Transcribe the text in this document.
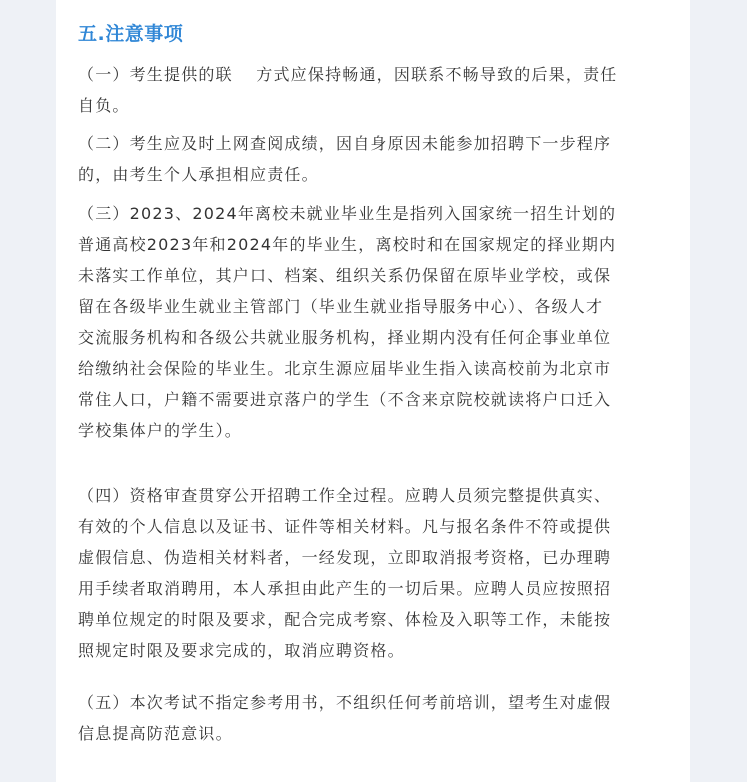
五.注意事项

（一）考生提供的联 　方式应保持畅通，因联系不畅导致的后果，责任
自负。

（二）考生应及时上网查阅成绩，因自身原因未能参加招聘下一步程序
的，由考生个人承担相应责任。

（三）2023、2024年离校未就业毕业生是指列入国家统一招生计划的
普通高校2023年和2024年的毕业生，离校时和在国家规定的择业期内
未落实工作单位，其户口、档案、组织关系仍保留在原毕业学校，或保
留在各级毕业生就业主管部门（毕业生就业指导服务中心）、各级人才
交流服务机构和各级公共就业服务机构，择业期内没有任何企事业单位
给缴纳社会保险的毕业生。北京生源应届毕业生指入读高校前为北京市
常住人口，户籍不需要进京落户的学生（不含来京院校就读将户口迁入
学校集体户的学生）。

（四）资格审查贯穿公开招聘工作全过程。应聘人员须完整提供真实、
有效的个人信息以及证书、证件等相关材料。凡与报名条件不符或提供
虚假信息、伪造相关材料者，一经发现，立即取消报考资格，已办理聘
用手续者取消聘用，本人承担由此产生的一切后果。应聘人员应按照招
聘单位规定的时限及要求，配合完成考察、体检及入职等工作，未能按
照规定时限及要求完成的，取消应聘资格。

（五）本次考试不指定参考用书，不组织任何考前培训，望考生对虚假
信息提高防范意识。
